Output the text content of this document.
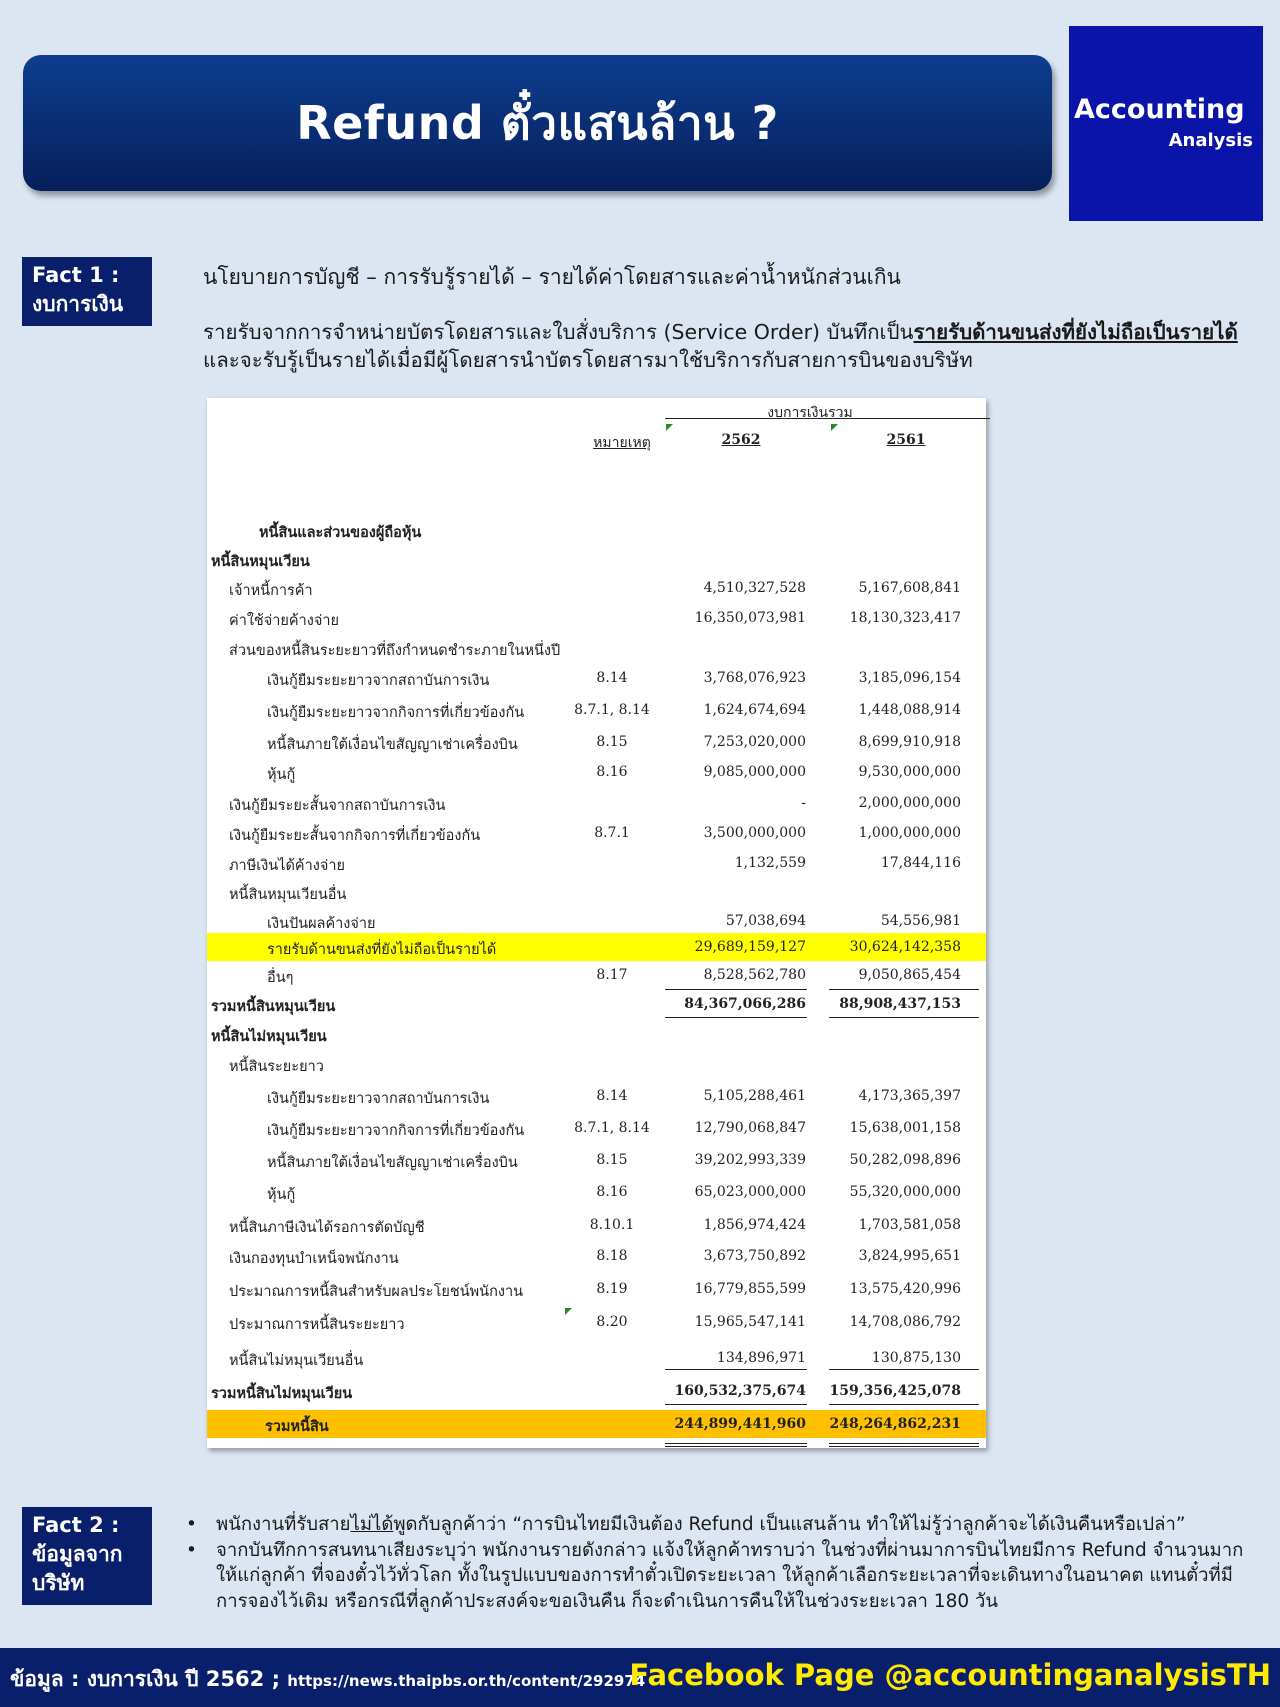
Refund ตั๋วแสนล้าน ?	Accounting
Analysis
Fact 1 :
งบการเงิน
นโยบายการบัญชี – การรับรู้รายได้ – รายได้ค่าโดยสารและค่าน้ำหนักส่วนเกิน
รายรับจากการจำหน่ายบัตรโดยสารและใบสั่งบริการ (Service Order) บันทึกเป็นรายรับด้านขนส่งที่ยังไม่ถือเป็นรายได้ และจะรับรู้เป็นรายได้เมื่อมีผู้โดยสารนำบัตรโดยสารมาใช้บริการกับสายการบินของบริษัท
งบการเงินรวม
หมายเหตุ	2562	2561
หนี้สินและส่วนของผู้ถือหุ้น
หนี้สินหมุนเวียน
เจ้าหนี้การค้า	4,510,327,528	5,167,608,841
ค่าใช้จ่ายค้างจ่าย	16,350,073,981	18,130,323,417
ส่วนของหนี้สินระยะยาวที่ถึงกำหนดชำระภายในหนึ่งปี
เงินกู้ยืมระยะยาวจากสถาบันการเงิน	8.14	3,768,076,923	3,185,096,154
เงินกู้ยืมระยะยาวจากกิจการที่เกี่ยวข้องกัน	8.7.1, 8.14	1,624,674,694	1,448,088,914
หนี้สินภายใต้เงื่อนไขสัญญาเช่าเครื่องบิน	8.15	7,253,020,000	8,699,910,918
หุ้นกู้	8.16	9,085,000,000	9,530,000,000
เงินกู้ยืมระยะสั้นจากสถาบันการเงิน	-	2,000,000,000
เงินกู้ยืมระยะสั้นจากกิจการที่เกี่ยวข้องกัน	8.7.1	3,500,000,000	1,000,000,000
ภาษีเงินได้ค้างจ่าย	1,132,559	17,844,116
หนี้สินหมุนเวียนอื่น
เงินปันผลค้างจ่าย	57,038,694	54,556,981
รายรับด้านขนส่งที่ยังไม่ถือเป็นรายได้	29,689,159,127	30,624,142,358
อื่นๆ	8.17	8,528,562,780	9,050,865,454
รวมหนี้สินหมุนเวียน	84,367,066,286 88,908,437,153
หนี้สินไม่หมุนเวียน
หนี้สินระยะยาว
เงินกู้ยืมระยะยาวจากสถาบันการเงิน	8.14	5,105,288,461	4,173,365,397
เงินกู้ยืมระยะยาวจากกิจการที่เกี่ยวข้องกัน	8.7.1, 8.14	12,790,068,847	15,638,001,158
หนี้สินภายใต้เงื่อนไขสัญญาเช่าเครื่องบิน	8.15	39,202,993,339	50,282,098,896
หุ้นกู้	8.16	65,023,000,000	55,320,000,000
หนี้สินภาษีเงินได้รอการตัดบัญชี	8.10.1	1,856,974,424	1,703,581,058
เงินกองทุนบำเหน็จพนักงาน	8.18	3,673,750,892	3,824,995,651
ประมาณการหนี้สินสำหรับผลประโยชน์พนักงาน	8.19	16,779,855,599	13,575,420,996
ประมาณการหนี้สินระยะยาว	8.20	15,965,547,141	14,708,086,792
หนี้สินไม่หมุนเวียนอื่น	134,896,971	130,875,130
รวมหนี้สินไม่หมุนเวียน	160,532,375,674 159,356,425,078
รวมหนี้สิน	244,899,441,960 248,264,862,231
Fact 2 :
ข้อมูลจาก
บริษัท
• พนักงานที่รับสายไม่ได้พูดกับลูกค้าว่า “การบินไทยมีเงินต้อง Refund เป็นแสนล้าน ทำให้ไม่รู้ว่าลูกค้าจะได้เงินคืนหรือเปล่า”
• จากบันทึกการสนทนาเสียงระบุว่า พนักงานรายดังกล่าว แจ้งให้ลูกค้าทราบว่า ในช่วงที่ผ่านมาการบินไทยมีการ Refund จำนวนมากให้แก่ลูกค้า ที่จองตั๋วไว้ทั่วโลก ทั้งในรูปแบบของการทำตั๋วเปิดระยะเวลา ให้ลูกค้าเลือกระยะเวลาที่จะเดินทางในอนาคต แทนตั๋วที่มีการจองไว้เดิม หรือกรณีที่ลูกค้าประสงค์จะขอเงินคืน ก็จะดำเนินการคืนให้ในช่วงระยะเวลา 180 วัน
ข้อมูล : งบการเงิน ปี 2562 ; https://news.thaipbs.or.th/content/292974
Facebook Page @accountinganalysisTH
